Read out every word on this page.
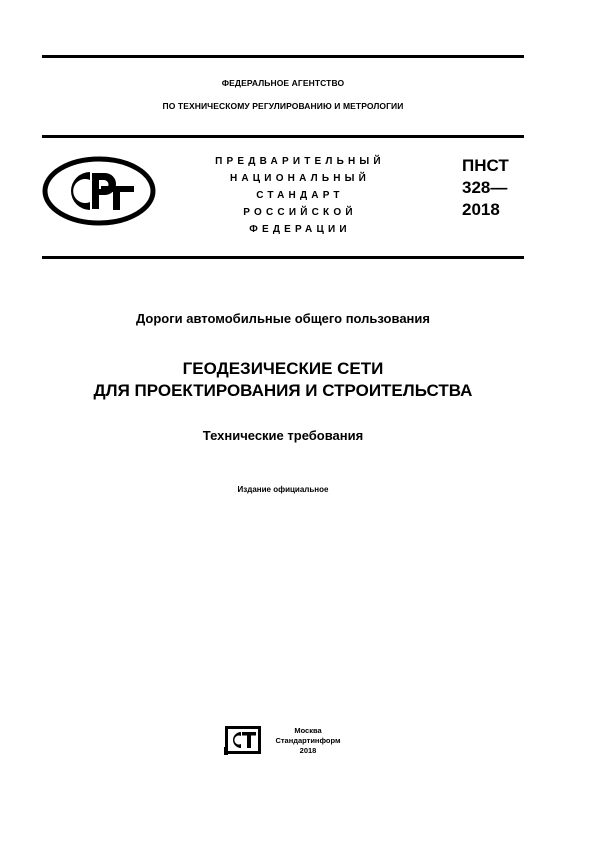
ФЕДЕРАЛЬНОЕ АГЕНТСТВО
ПО ТЕХНИЧЕСКОМУ РЕГУЛИРОВАНИЮ И МЕТРОЛОГИИ
ПРЕДВАРИТЕЛЬНЫЙ
НАЦИОНАЛЬНЫЙ
СТАНДАРТ
РОССИЙСКОЙ
ФЕДЕРАЦИИ
ПНСТ
328—
2018
Дороги автомобильные общего пользования
ГЕОДЕЗИЧЕСКИЕ СЕТИ
ДЛЯ ПРОЕКТИРОВАНИЯ И СТРОИТЕЛЬСТВА
Технические требования
Издание официальное
Москва
Стандартинформ
2018
